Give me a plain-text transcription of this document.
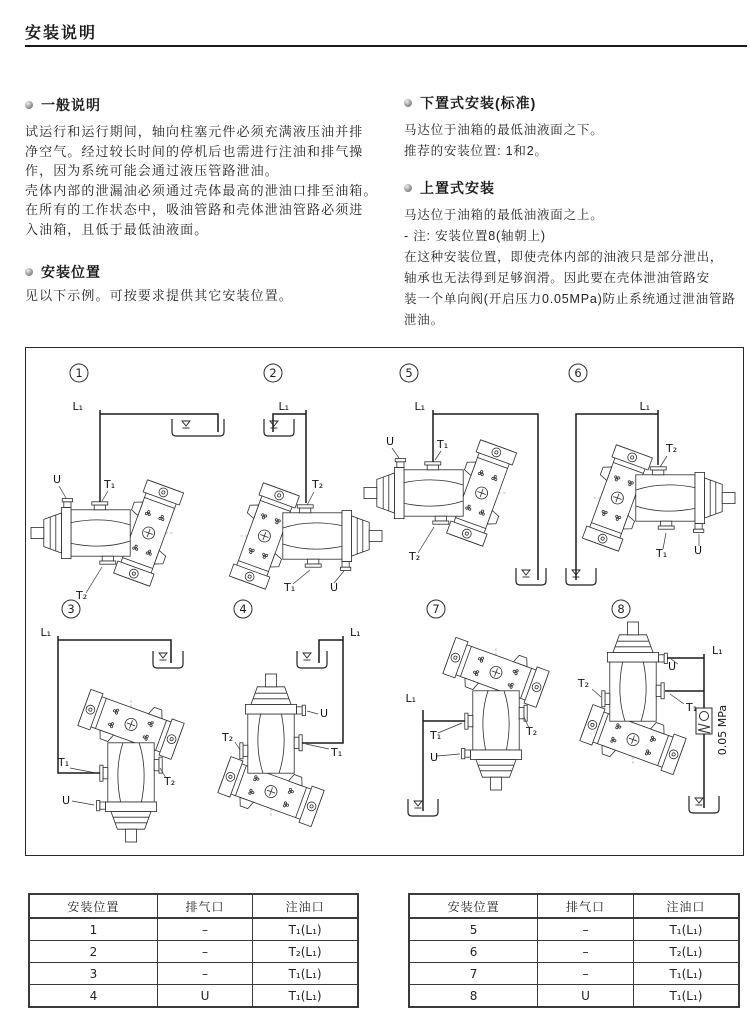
安装说明
一般说明
试运行和运行期间，轴向柱塞元件必须充满液压油并排
净空气。经过较长时间的停机后也需进行注油和排气操
作，因为系统可能会通过液压管路泄油。
壳体内部的泄漏油必须通过壳体最高的泄油口排至油箱。
在所有的工作状态中，吸油管路和壳体泄油管路必须进
入油箱，且低于最低油液面。
安装位置
见以下示例。可按要求提供其它安装位置。
下置式安装(标准)
马达位于油箱的最低油液面之下。
推荐的安装位置: 1和2。
上置式安装
马达位于油箱的最低油液面之上。
- 注: 安装位置8(轴朝上)
在这种安装位置，即使壳体内部的油液只是部分泄出，
轴承也无法得到足够润滑。因此要在壳体泄油管路安
装一个单向阀(开启压力0.05MPa)防止系统通过泄油管路
泄油。
1
L₁
U	T₁
T₂
2
L₁
T₂
T₁	U
5
L₁
U	T₁
T₂
6
L₁
T₂
T₁ U
3
L₁
T₁
U
T₂
4
L₁
U
T₁
T₂
7
L₁
T₁
U
T₂
8
0.05 MPa
L₁
U
T₁
T₂
安装位置	排气口	注油口
1	–	T₁(L₁)
2	–	T₂(L₁)
3	–	T₁(L₁)
4	U	T₁(L₁)
安装位置	排气口	注油口
5	–	T₁(L₁)
6	–	T₂(L₁)
7	–	T₁(L₁)
8	U	T₁(L₁)
